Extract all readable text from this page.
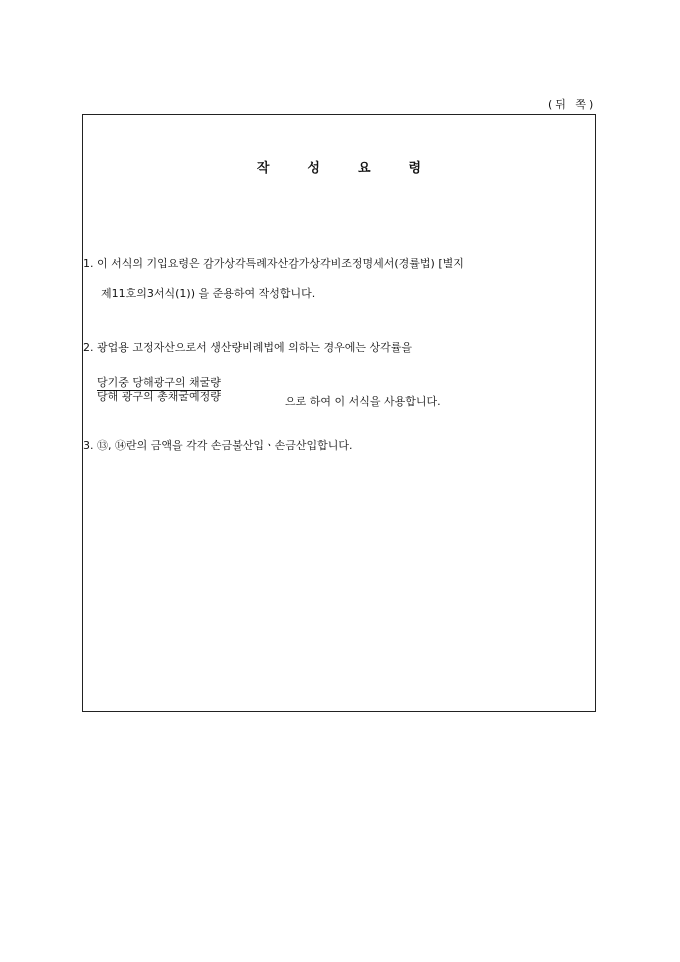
(뒤 쪽)
작성요령
1. 이 서식의 기입요령은 감가상각특례자산감가상각비조정명세서(경률법) [별지
제11호의3서식(1)) 을 준용하여 작성합니다.
2. 광업용 고정자산으로서 생산량비례법에 의하는 경우에는 상각률을
당기중 당해광구의 채굴량
당해 광구의 총채굴예정량	으로 하여 이 서식을 사용합니다.
3. ⑬, ⑭란의 금액을 각각 손금불산입ㆍ손금산입합니다.
